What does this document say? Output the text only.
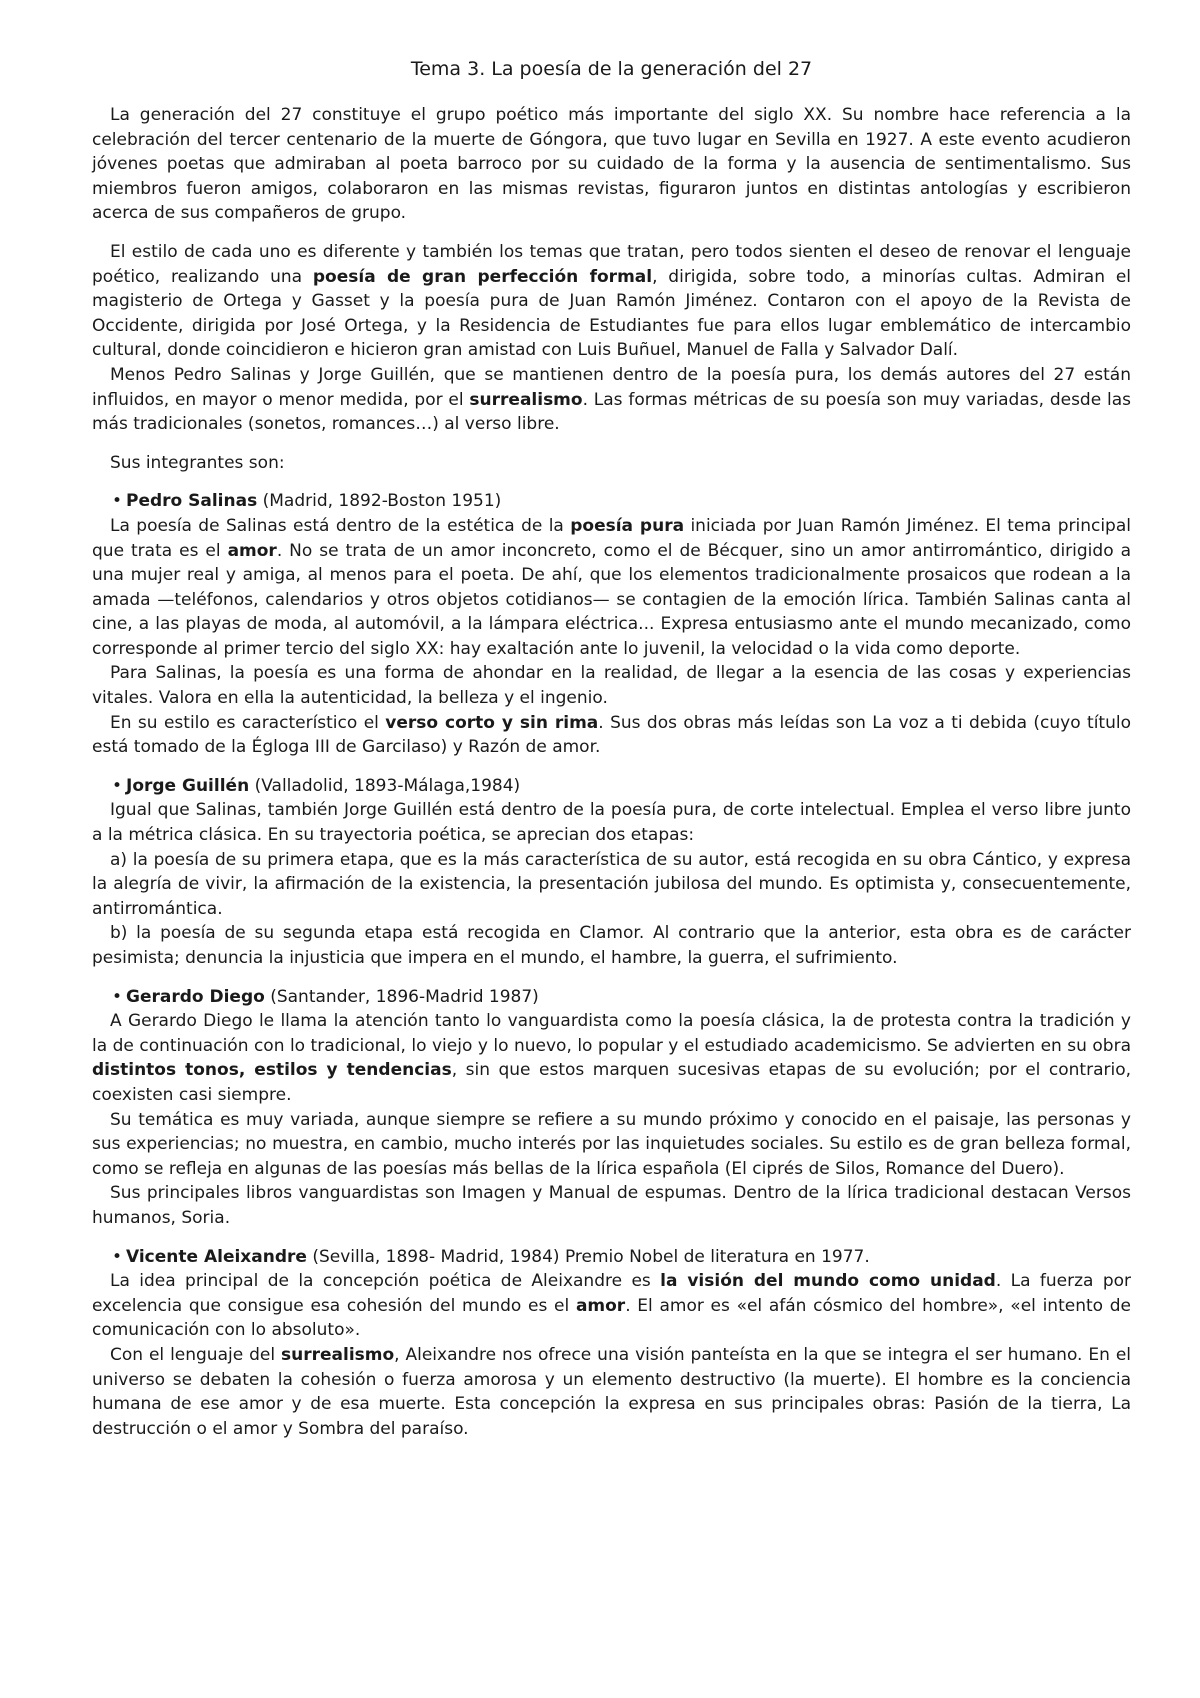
Tema 3. La poesía de la generación del 27

La generación del 27 constituye el grupo poético más importante del siglo XX. Su nombre hace referencia a la celebración del tercer centenario de la muerte de Góngora, que tuvo lugar en Sevilla en 1927. A este evento acudieron jóvenes poetas que admiraban al poeta barroco por su cuidado de la forma y la ausencia de sentimentalismo. Sus miembros fueron amigos, colaboraron en las mismas revistas, figuraron juntos en distintas antologías y escribieron acerca de sus compañeros de grupo.

El estilo de cada uno es diferente y también los temas que tratan, pero todos sienten el deseo de renovar el lenguaje poético, realizando una poesía de gran perfección formal, dirigida, sobre todo, a minorías cultas. Admiran el magisterio de Ortega y Gasset y la poesía pura de Juan Ramón Jiménez. Contaron con el apoyo de la Revista de Occidente, dirigida por José Ortega, y la Residencia de Estudiantes fue para ellos lugar emblemático de intercambio cultural, donde coincidieron e hicieron gran amistad con Luis Buñuel, Manuel de Falla y Salvador Dalí.

Menos Pedro Salinas y Jorge Guillén, que se mantienen dentro de la poesía pura, los demás autores del 27 están influidos, en mayor o menor medida, por el surrealismo. Las formas métricas de su poesía son muy variadas, desde las más tradicionales (sonetos, romances…) al verso libre.

Sus integrantes son:

• Pedro Salinas (Madrid, 1892-Boston 1951)

La poesía de Salinas está dentro de la estética de la poesía pura iniciada por Juan Ramón Jiménez. El tema principal que trata es el amor. No se trata de un amor inconcreto, como el de Bécquer, sino un amor antirromántico, dirigido a una mujer real y amiga, al menos para el poeta. De ahí, que los elementos tradicionalmente prosaicos que rodean a la amada —teléfonos, calendarios y otros objetos cotidianos— se contagien de la emoción lírica. También Salinas canta al cine, a las playas de moda, al automóvil, a la lámpara eléctrica... Expresa entusiasmo ante el mundo mecanizado, como corresponde al primer tercio del siglo XX: hay exaltación ante lo juvenil, la velocidad o la vida como deporte.

Para Salinas, la poesía es una forma de ahondar en la realidad, de llegar a la esencia de las cosas y experiencias vitales. Valora en ella la autenticidad, la belleza y el ingenio.

En su estilo es característico el verso corto y sin rima. Sus dos obras más leídas son La voz a ti debida (cuyo título está tomado de la Égloga III de Garcilaso) y Razón de amor.

• Jorge Guillén (Valladolid, 1893-Málaga,1984)

Igual que Salinas, también Jorge Guillén está dentro de la poesía pura, de corte intelectual. Emplea el verso libre junto a la métrica clásica. En su trayectoria poética, se aprecian dos etapas:

a) la poesía de su primera etapa, que es la más característica de su autor, está recogida en su obra Cántico, y expresa la alegría de vivir, la afirmación de la existencia, la presentación jubilosa del mundo. Es optimista y, consecuentemente, antirromántica.

b) la poesía de su segunda etapa está recogida en Clamor. Al contrario que la anterior, esta obra es de carácter pesimista; denuncia la injusticia que impera en el mundo, el hambre, la guerra, el sufrimiento.

• Gerardo Diego (Santander, 1896-Madrid 1987)

A Gerardo Diego le llama la atención tanto lo vanguardista como la poesía clásica, la de protesta contra la tradición y la de continuación con lo tradicional, lo viejo y lo nuevo, lo popular y el estudiado academicismo. Se advierten en su obra distintos tonos, estilos y tendencias, sin que estos marquen sucesivas etapas de su evolución; por el contrario, coexisten casi siempre.

Su temática es muy variada, aunque siempre se refiere a su mundo próximo y conocido en el paisaje, las personas y sus experiencias; no muestra, en cambio, mucho interés por las inquietudes sociales. Su estilo es de gran belleza formal, como se refleja en algunas de las poesías más bellas de la lírica española (El ciprés de Silos, Romance del Duero).

Sus principales libros vanguardistas son Imagen y Manual de espumas. Dentro de la lírica tradicional destacan Versos humanos, Soria.

• Vicente Aleixandre (Sevilla, 1898- Madrid, 1984) Premio Nobel de literatura en 1977.

La idea principal de la concepción poética de Aleixandre es la visión del mundo como unidad. La fuerza por excelencia que consigue esa cohesión del mundo es el amor. El amor es «el afán cósmico del hombre», «el intento de comunicación con lo absoluto».

Con el lenguaje del surrealismo, Aleixandre nos ofrece una visión panteísta en la que se integra el ser humano. En el universo se debaten la cohesión o fuerza amorosa y un elemento destructivo (la muerte). El hombre es la conciencia humana de ese amor y de esa muerte. Esta concepción la expresa en sus principales obras: Pasión de la tierra, La destrucción o el amor y Sombra del paraíso.
